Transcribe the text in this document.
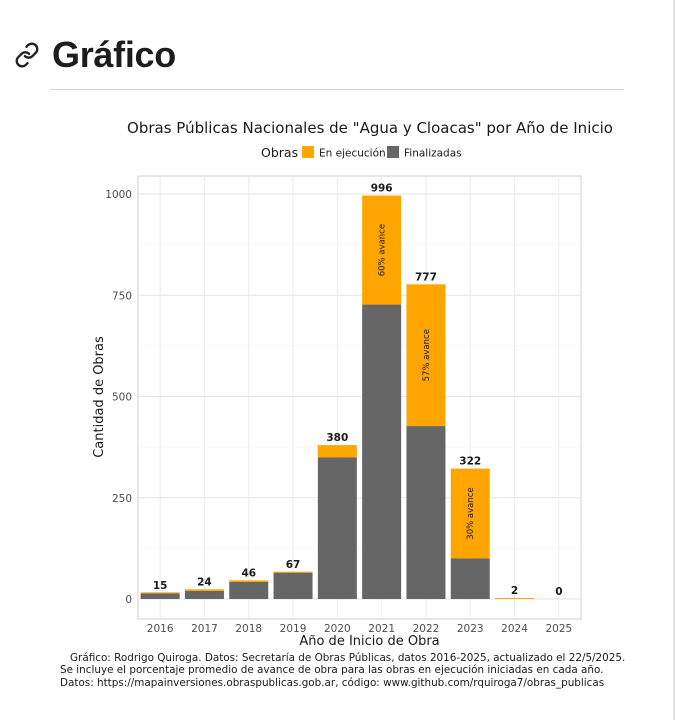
Gráfico
0
250
500
750
1000
15
2016
24
2017
46
2018
67
2019
380
2020
996
2021
777
2022
322
2023
2
2024
0
2025
60% avance
57% avance
30% avance
Año de Inicio de Obra
Cantidad de Obras
Obras Públicas Nacionales de "Agua y Cloacas" por Año de Inicio
Obras En ejecución Finalizadas
Gráfico: Rodrigo Quiroga. Datos: Secretaría de Obras Públicas, datos 2016-2025, actualizado el 22/5/2025.
Se incluye el porcentaje promedio de avance de obra para las obras en ejecución iniciadas en cada año.
Datos: https://mapainversiones.obraspublicas.gob.ar, código: www.github.com/rquiroga7/obras_publicas
